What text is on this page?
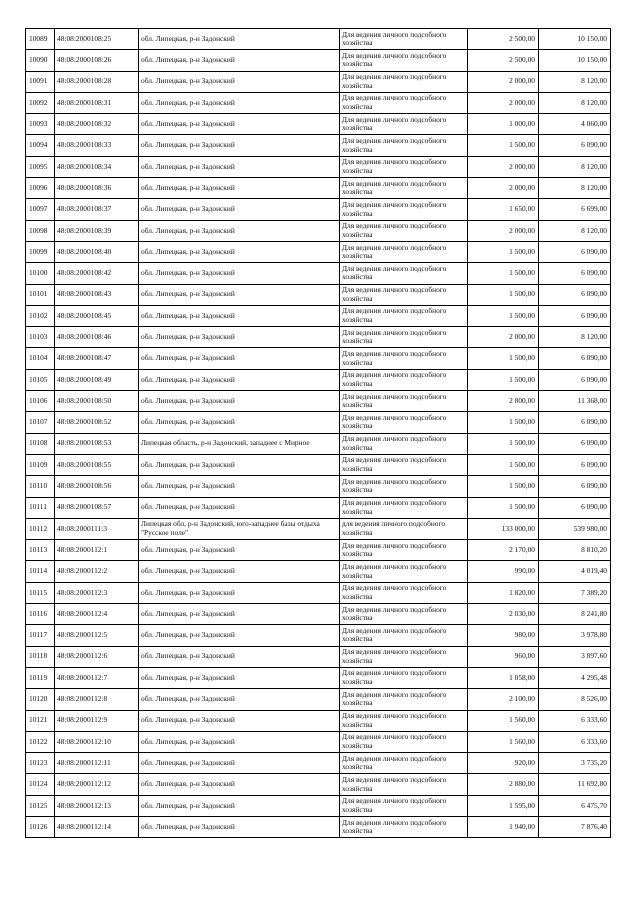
10089	48:08:2000108:25	обл. Липецкая, р-н Задонский	Для ведения личного подсобного хозяйства	2 500,00	10 150,00
10090	48:08:2000108:26	обл. Липецкая, р-н Задонский	Для ведения личного подсобного хозяйства	2 500,00	10 150,00
10091	48:08:2000108:28	обл. Липецкая, р-н Задонский	Для ведения личного подсобного хозяйства	2 000,00	8 120,00
10092	48:08:2000108:31	обл. Липецкая, р-н Задонский	Для ведения личного подсобного хозяйства	2 000,00	8 120,00
10093	48:08:2000108:32	обл. Липецкая, р-н Задонский	Для ведения личного подсобного хозяйства	1 000,00	4 060,00
10094	48:08:2000108:33	обл. Липецкая, р-н Задонский	Для ведения личного подсобного хозяйства	1 500,00	6 090,00
10095	48:08:2000108:34	обл. Липецкая, р-н Задонский	Для ведения личного подсобного хозяйства	2 000,00	8 120,00
10096	48:08:2000108:36	обл. Липецкая, р-н Задонский	Для ведения личного подсобного хозяйства	2 000,00	8 120,00
10097	48:08:2000108:37	обл. Липецкая, р-н Задонский	Для ведения личного подсобного хозяйства	1 650,00	6 699,00
10098	48:08:2000108:39	обл. Липецкая, р-н Задонский	Для ведения личного подсобного хозяйства	2 000,00	8 120,00
10099	48:08:2000108:40	обл. Липецкая, р-н Задонский	Для ведения личного подсобного хозяйства	1 500,00	6 090,00
10100	48:08:2000108:42	обл. Липецкая, р-н Задонский	Для ведения личного подсобного хозяйства	1 500,00	6 090,00
10101	48:08:2000108:43	обл. Липецкая, р-н Задонский	Для ведения личного подсобного хозяйства	1 500,00	6 090,00
10102	48:08:2000108:45	обл. Липецкая, р-н Задонский	Для ведения личного подсобного хозяйства	1 500,00	6 090,00
10103	48:08:2000108:46	обл. Липецкая, р-н Задонский	Для ведения личного подсобного хозяйства	2 000,00	8 120,00
10104	48:08:2000108:47	обл. Липецкая, р-н Задонский	Для ведения личного подсобного хозяйства	1 500,00	6 090,00
10105	48:08:2000108:49	обл. Липецкая, р-н Задонский	Для ведения личного подсобного хозяйства	1 500,00	6 090,00
10106	48:08:2000108:50	обл. Липецкая, р-н Задонский	Для ведения личного подсобного хозяйства	2 800,00	11 368,00
10107	48:08:2000108:52	обл. Липецкая, р-н Задонский	Для ведения личного подсобного хозяйства	1 500,00	6 090,00
10108	48:08:2000108:53	Липецкая область, р-н Задонский, западнее с Мирное	Для ведения личного подсобного хозяйства	1 500,00	6 090,00
10109	48:08:2000108:55	обл. Липецкая, р-н Задонский	Для ведения личного подсобного хозяйства	1 500,00	6 090,00
10110	48:08:2000108:56	обл. Липецкая, р-н Задонский	Для ведения личного подсобного хозяйства	1 500,00	6 090,00
10111	48:08:2000108:57	обл. Липецкая, р-н Задонский	Для ведения личного подсобного хозяйства	1 500,00	6 090,00
10112	48:08:2000111:3	Липецкая обл, р-н Задонский, юго-западнее базы отдыха "Русское поле"	для ведения личного подсобного хозяйства	133 000,00	539 980,00
10113	48:08:2000112:1	обл. Липецкая, р-н Задонский	Для ведения личного подсобного хозяйства	2 170,00	8 810,20
10114	48:08:2000112:2	обл. Липецкая, р-н Задонский	Для ведения личного подсобного хозяйства	990,00	4 019,40
10115	48:08:2000112:3	обл. Липецкая, р-н Задонский	Для ведения личного подсобного хозяйства	1 820,00	7 389,20
10116	48:08:2000112:4	обл. Липецкая, р-н Задонский	Для ведения личного подсобного хозяйства	2 030,00	8 241,80
10117	48:08:2000112:5	обл. Липецкая, р-н Задонский	Для ведения личного подсобного хозяйства	980,00	3 978,80
10118	48:08:2000112:6	обл. Липецкая, р-н Задонский	Для ведения личного подсобного хозяйства	960,00	3 897,60
10119	48:08:2000112:7	обл. Липецкая, р-н Задонский	Для ведения личного подсобного хозяйства	1 058,00	4 295,48
10120	48:08:2000112:8	обл. Липецкая, р-н Задонский	Для ведения личного подсобного хозяйства	2 100,00	8 526,00
10121	48:08:2000112:9	обл. Липецкая, р-н Задонский	Для ведения личного подсобного хозяйства	1 560,00	6 333,60
10122	48:08:2000112:10	обл. Липецкая, р-н Задонский	Для ведения личного подсобного хозяйства	1 560,00	6 333,60
10123	48:08:2000112:11	обл. Липецкая, р-н Задонский	Для ведения личного подсобного хозяйства	920,00	3 735,20
10124	48:08:2000112:12	обл. Липецкая, р-н Задонский	Для ведения личного подсобного хозяйства	2 880,00	11 692,80
10125	48:08:2000112:13	обл. Липецкая, р-н Задонский	Для ведения личного подсобного хозяйства	1 595,00	6 475,70
10126	48:08:2000112:14	обл. Липецкая, р-н Задонский	Для ведения личного подсобного хозяйства	1 940,00	7 876,40
